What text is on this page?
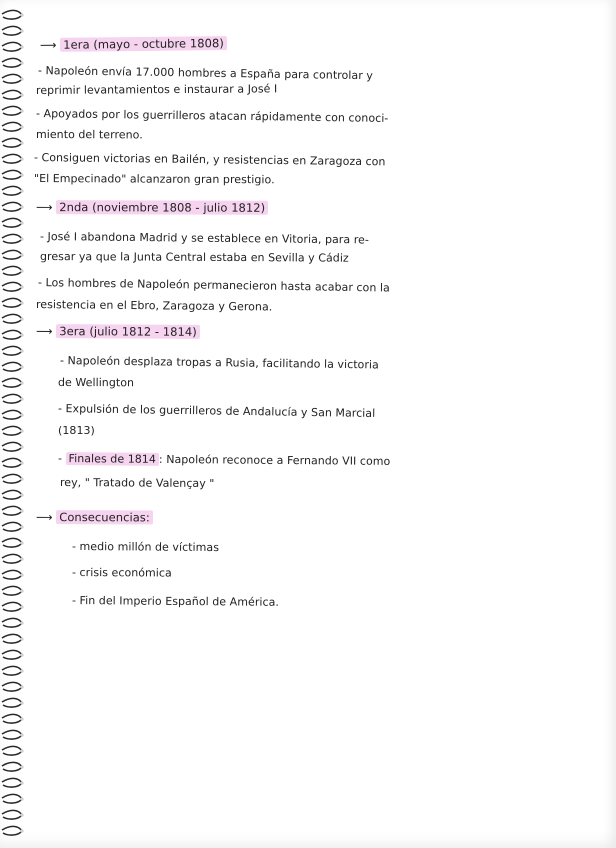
⟶ 1era (mayo - octubre 1808)

- Napoleón envía 17.000 hombres a España para controlar y

reprimir levantamientos e instaurar a José I

- Apoyados por los guerrilleros atacan rápidamente con conoci-

miento del terreno.

- Consiguen victorias en Bailén, y resistencias en Zaragoza con

"El Empecinado" alcanzaron gran prestigio.

⟶ 2nda (noviembre 1808 - julio 1812)

- José I abandona Madrid y se establece en Vitoria, para re-

gresar ya que la Junta Central estaba en Sevilla y Cádiz

- Los hombres de Napoleón permanecieron hasta acabar con la

resistencia en el Ebro, Zaragoza y Gerona.

⟶ 3era (julio 1812 - 1814)

- Napoleón desplaza tropas a Rusia, facilitando la victoria

de Wellington

- Expulsión de los guerrilleros de Andalucía y San Marcial

(1813)

- Finales de 1814 : Napoleón reconoce a Fernando VII como

rey, " Tratado de Valençay "

⟶ Consecuencias:

- medio millón de víctimas

- crisis económica

- Fin del Imperio Español de América.
